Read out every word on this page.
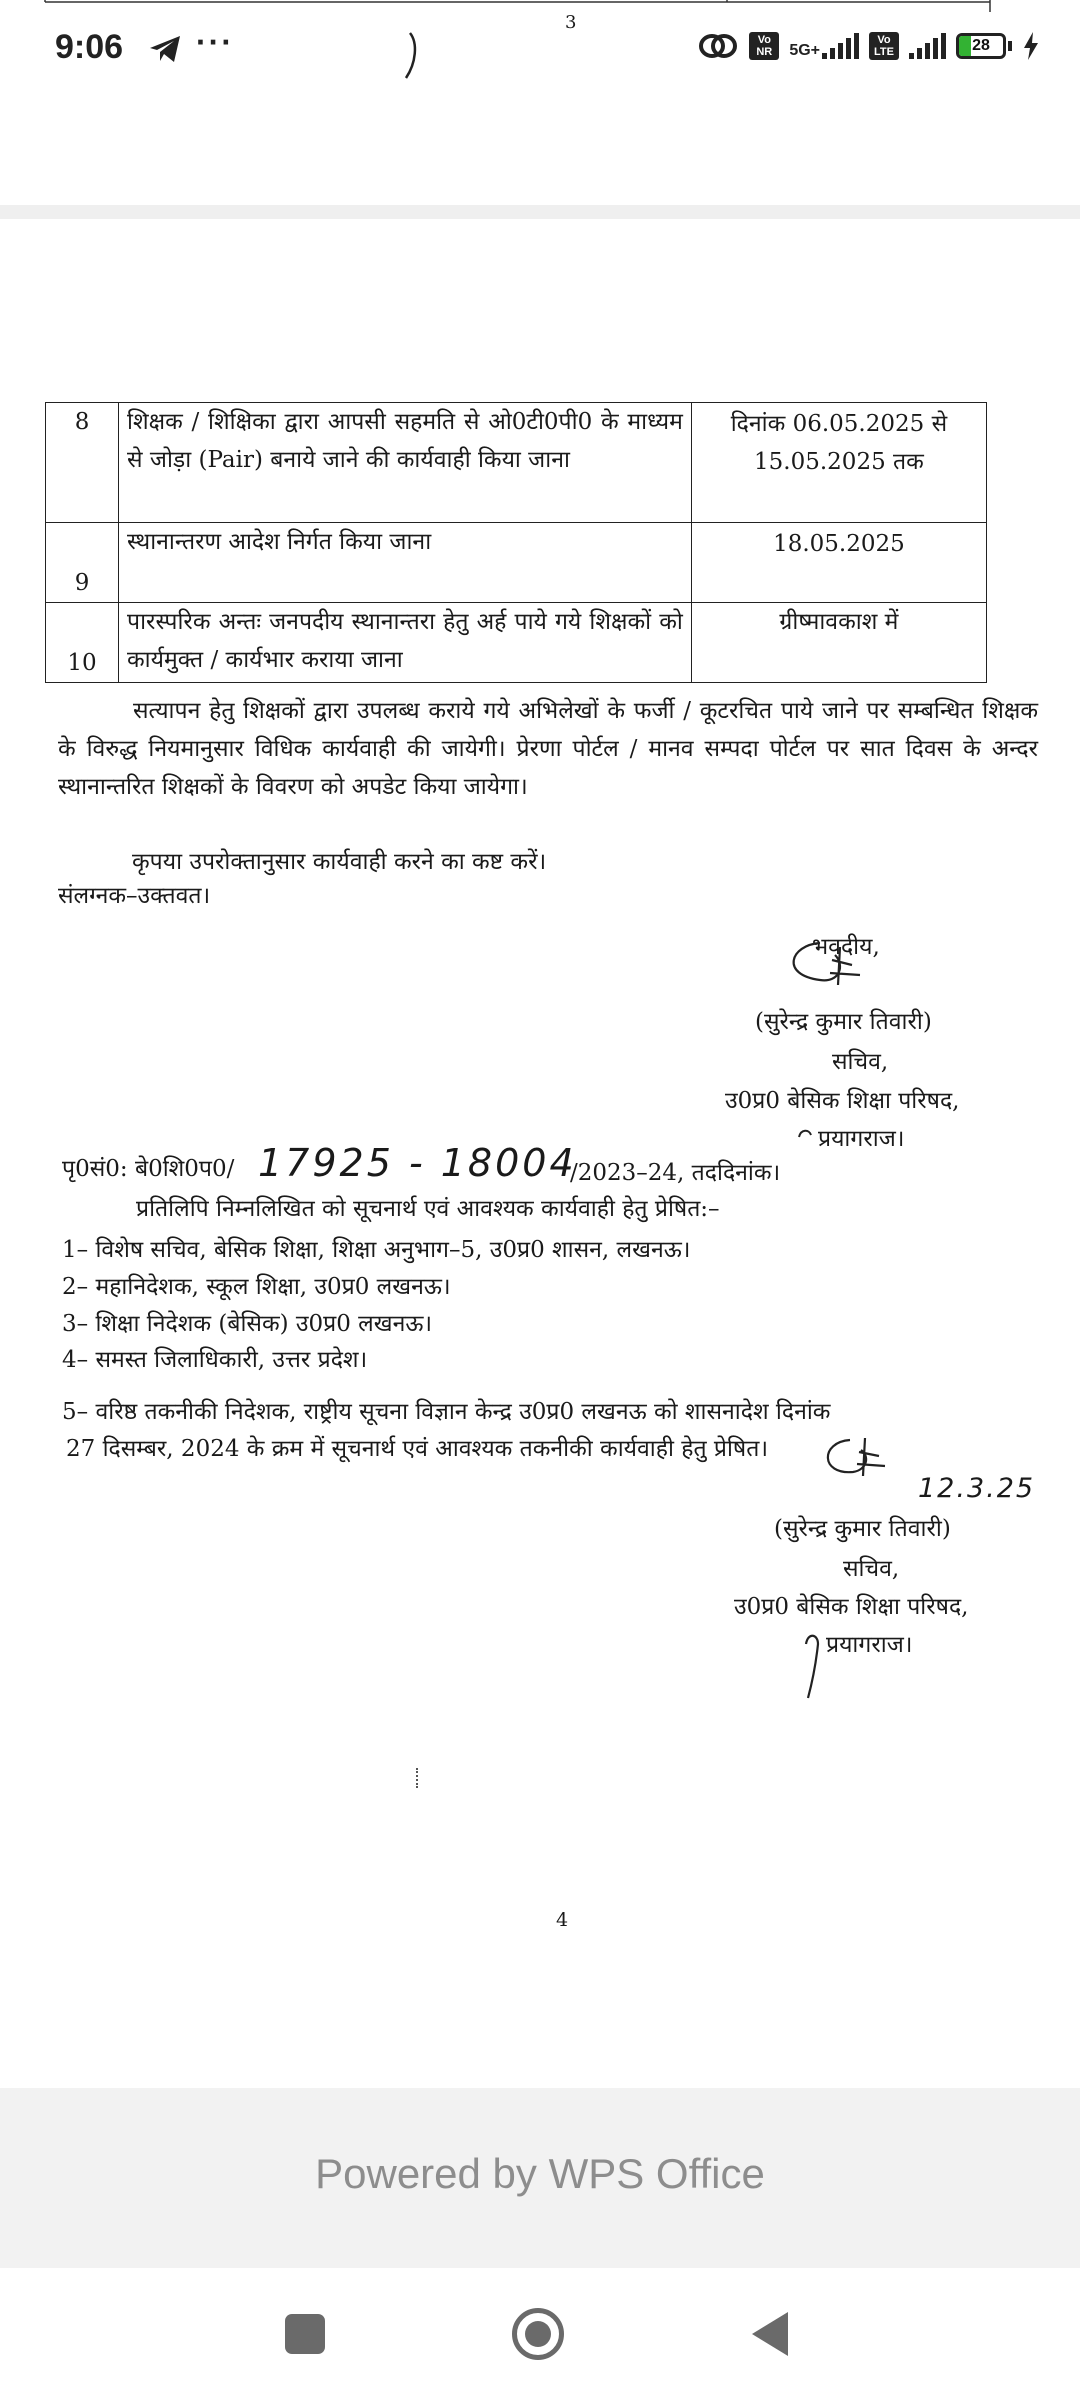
3
9:06 ···	Vo NR	5G+
Vo LTE	28
8	शिक्षक / शिक्षिका द्वारा आपसी सहमति से ओ0टी0पी0 के माध्यम से जोड़ा (Pair) बनाये जाने की कार्यवाही किया जाना	दिनांक 06.05.2025 से 15.05.2025 तक
9	स्थानान्तरण आदेश निर्गत किया जाना	18.05.2025
10	पारस्परिक अन्तः जनपदीय स्थानान्तरा हेतु अर्ह पाये गये शिक्षकों को कार्यमुक्त / कार्यभार कराया जाना	ग्रीष्मावकाश में
सत्यापन हेतु शिक्षकों द्वारा उपलब्ध कराये गये अभिलेखों के फर्जी / कूटरचित पाये जाने पर सम्बन्धित शिक्षक के विरुद्ध नियमानुसार विधिक कार्यवाही की जायेगी। प्रेरणा पोर्टल / मानव सम्पदा पोर्टल पर सात दिवस के अन्दर स्थानान्तरित शिक्षकों के विवरण को अपडेट किया जायेगा।
कृपया उपरोक्तानुसार कार्यवाही करने का कष्ट करें।
संलग्नक–उक्तवत।
भवदीय,
(सुरेन्द्र कुमार तिवारी)
सचिव,
उ0प्र0 बेसिक शिक्षा परिषद,
प्रयागराज।
पृ0सं0: बे0शि0प0/ 17925 - 18004
/2023–24, तददिनांक।
प्रतिलिपि निम्नलिखित को सूचनार्थ एवं आवश्यक कार्यवाही हेतु प्रेषित:–
1– विशेष सचिव, बेसिक शिक्षा, शिक्षा अनुभाग–5, उ0प्र0 शासन, लखनऊ।
2– महानिदेशक, स्कूल शिक्षा, उ0प्र0 लखनऊ।
3– शिक्षा निदेशक (बेसिक) उ0प्र0 लखनऊ।
4– समस्त जिलाधिकारी, उत्तर प्रदेश।
5– वरिष्ठ तकनीकी निदेशक, राष्ट्रीय सूचना विज्ञान केन्द्र उ0प्र0 लखनऊ को शासनादेश दिनांक
27 दिसम्बर, 2024 के क्रम में सूचनार्थ एवं आवश्यक तकनीकी कार्यवाही हेतु प्रेषित।
12.3.25
(सुरेन्द्र कुमार तिवारी)
सचिव,
उ0प्र0 बेसिक शिक्षा परिषद,
प्रयागराज।
4
Powered by WPS Office
